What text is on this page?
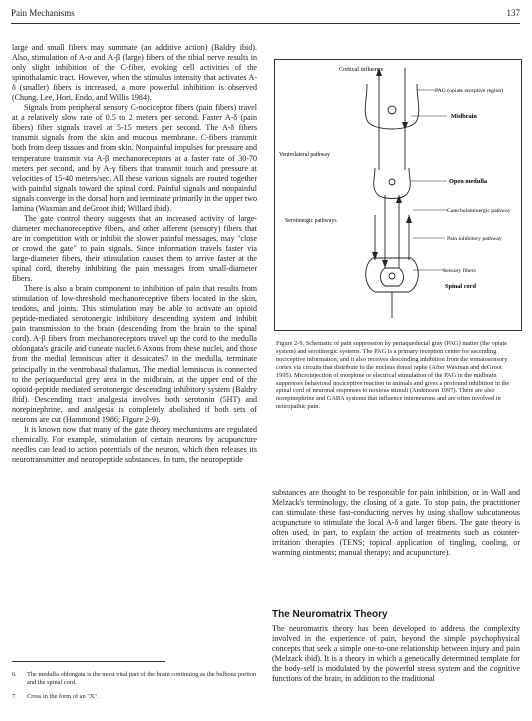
Pain Mechanisms	137

large and small fibers may summate (an additive action) (Baldry ibid). Also, stimulation of A-α and A-β (large) fibers of the tibial nerve results in only slight inhibition of the C-fiber, evoking cell activities of the spinothalamic tract. However, when the stimulus intensity that activates A-δ (smaller) fibers is increased, a more powerful inhibition is observed (Chung, Lee, Hori, Endo, and Willis 1984).

Signals from peripheral sensory C-nociceptor fibers (pain fibers) travel at a relatively slow rate of 0.5 to 2 meters per second. Faster A-δ (pain fibers) fiber signals travel at 5-15 meters per second. The A-δ fibers transmit signals from the skin and mucous membrane. C-fibers transmit both from deep tissues and from skin. Nonpainful impulses for pressure and temperature transmit via A-β mechanoreceptors at a faster rate of 30-70 meters per second, and by A-γ fibers that transmit touch and pressure at velocities of 15-40 meters/sec. All these various signals are routed together with painful signals toward the spinal cord. Painful signals and nonpainful signals converge in the dorsal horn and terminate primarily in the upper two lamina (Waxman and deGroot ibid; Willard ibid).

The gate control theory suggests that an increased activity of large-diameter mechanoreceptive fibers, and other afferent (sensory) fibers that are in competition with or inhibit the slower painful messages, may "close or crowd the gate" to pain signals. Since information travels faster via large-diameter fibers, their stimulation causes them to arrive faster at the spinal cord, thereby inhibiting the pain messages from small-diameter fibers.

There is also a brain component to inhibition of pain that results from stimulation of low-threshold mechanoreceptive fibers located in the skin, tendons, and joints. This stimulation may be able to activate an opioid peptide-mediated serotonergic inhibitory descending system and inhibit pain transmission to the brain (descending from the brain to the spinal cord). A-β fibers from mechanoreceptors travel up the cord to the medulla oblongata's gracile and cuneate nuclei.6 Axons from these nuclei, and those from the medial lemniscus after it dessicates7 in the medulla, terminate principally in the ventrobasal thalamus. The medial lemniscus is connected to the periaqueductal grey area in the midbrain, at the upper end of the opioid-peptide mediated serotonergic descending inhibitory system (Baldry ibid). Descending tract analgesia involves both serotonin (5HT) and norepinephrine, and analgesia is completely abolished if both sets of neurons are cut (Hammond 1986; Figure 2-9).

It is known now that many of the gate theory mechanisms are regulated chemically. For example, stimulation of certain neurons by acupuncture needles can lead to action potentials of the neuron, which then releases its neurotransmitter and neuropeptide substances. In turn, the neuropeptide

Cortical influence
PAG (opiate receptive region)
Midbrain
Ventrolateral pathway
Open medulla
Serotinergic pathways
Catecholaminergic pathway
Pain inhibitory pathway
Sensory fibers
Spinal cord

Figure 2-9. Schematic of pain suppression by periaqueductal gray (PAG) matter (the opiate system) and serotinergic systems. The PAG is a primary reception center for ascending nociceptive information, and it also receives descending inhibition from the somatosensory cortex via circuits that distribute to the nucleus dorsal raphe (After Waxman and deGroot 1995). Microinjection of morphine or electrical stimulation of the PAG in the midbrain suppresses behavioral nociceptive reaction in animals and gives a profound inhibition in the spinal cord of neuronal responses to noxious stimuli (Andersson 1997). There are also norepinephrine and GABA systems that influence interneurons and are often involved in neuropathic pain.

substances are thought to be responsible for pain inhibition, or in Wall and Melzack's terminology, the closing of a gate. To stop pain, the practitioner can stimulate these fast-conducting nerves by using shallow subcutaneous acupuncture to stimulate the local A-δ and larger fibers. The gate theory is often used, in part, to explain the action of treatments such as counter-irritation therapies (TENS; topical application of tingling, cooling, or warming ointments; manual therapy; and acupuncture).

The Neuromatrix Theory

The neuromatrix theory has been developed to address the complexity involved in the experience of pain, beyond the simple psychophysical concepts that seek a simple one-to-one relationship between injury and pain (Melzack ibid). It is a theory in which a genetically determined template for the body-self is modulated by the powerful stress system and the cognitive functions of the brain, in addition to the traditional

6. The medulla oblongata is the most vital part of the brain continuing as the bulbous portion and the spinal cord.
7. Cross in the form of an "X".
